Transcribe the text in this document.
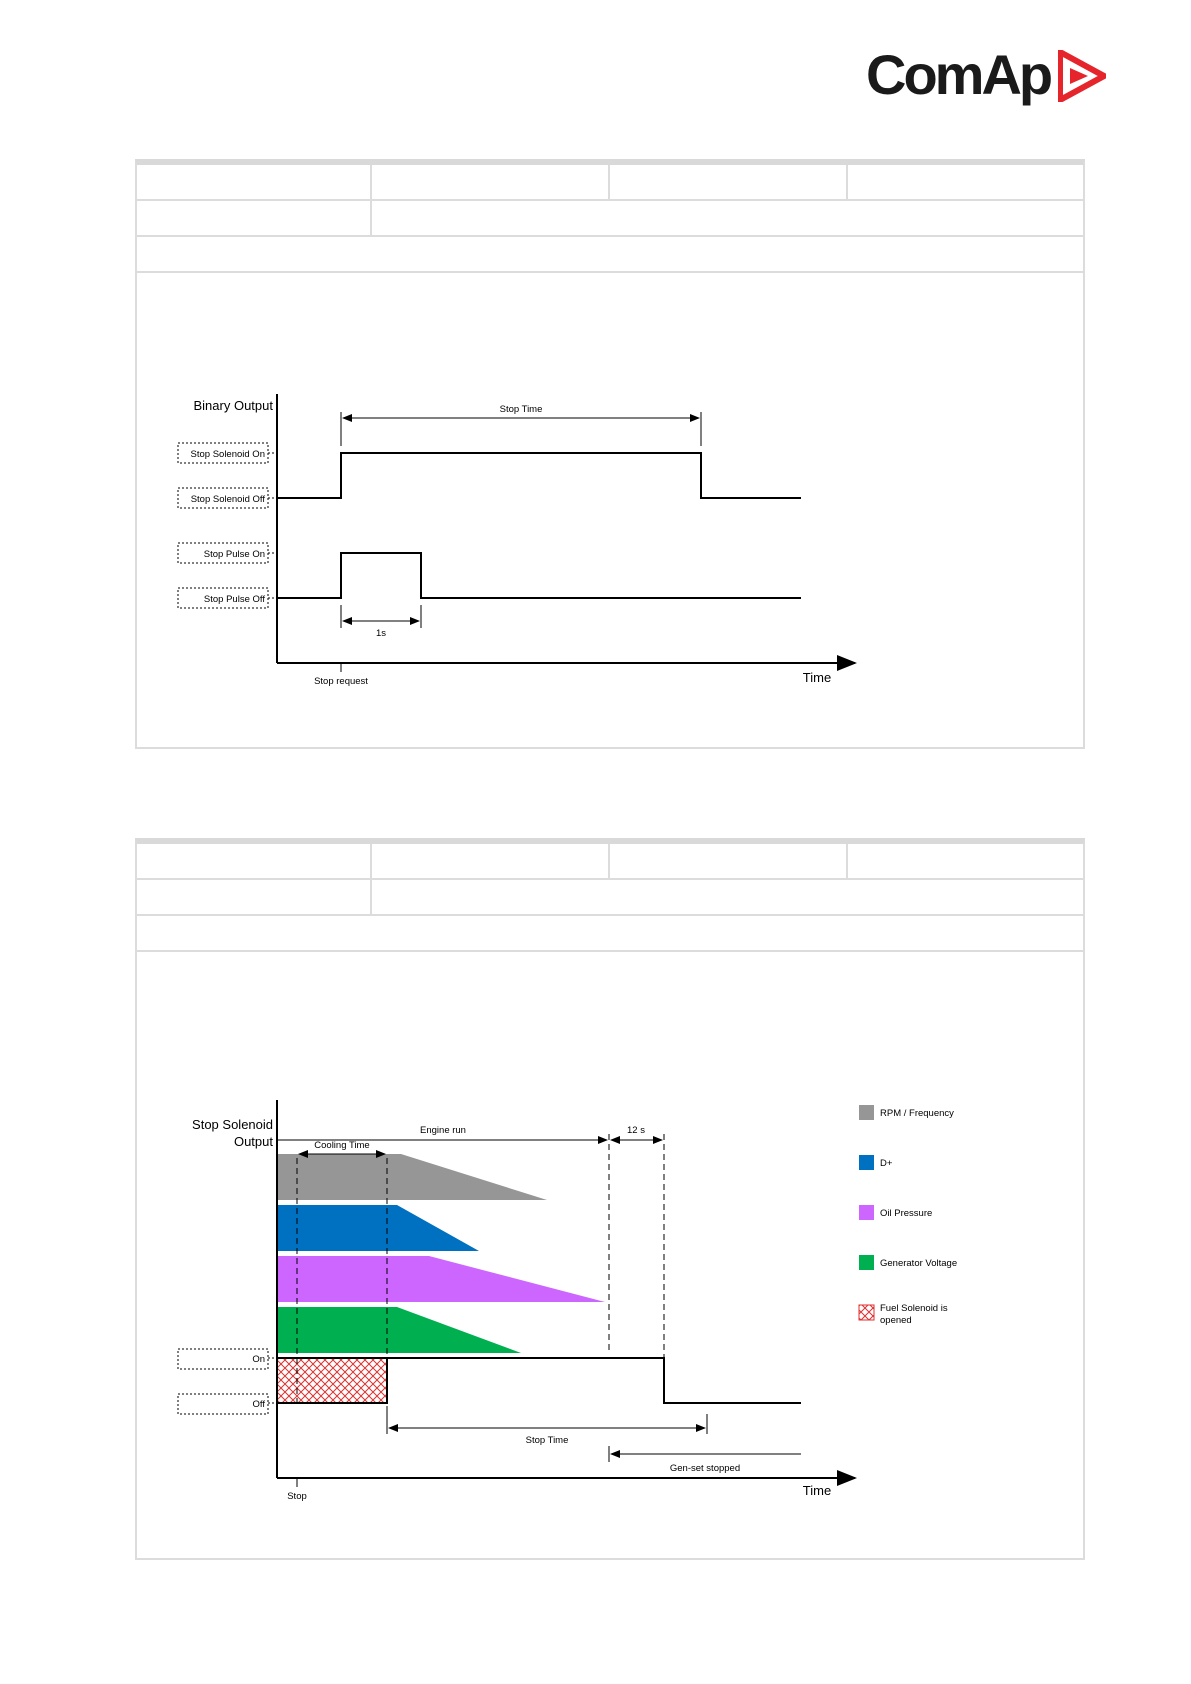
ComAp
Binary Output
Time
Stop Solenoid On
Stop Solenoid Off
Stop Pulse On
Stop Pulse Off
Stop Time
1s
Stop request
Stop Solenoid
Output
Time
On
Off
Engine run	12 s
Cooling Time
Stop Time
Gen-set stopped
Stop
RPM / Frequency
D+
Oil Pressure
Generator Voltage
Fuel Solenoid is
opened
